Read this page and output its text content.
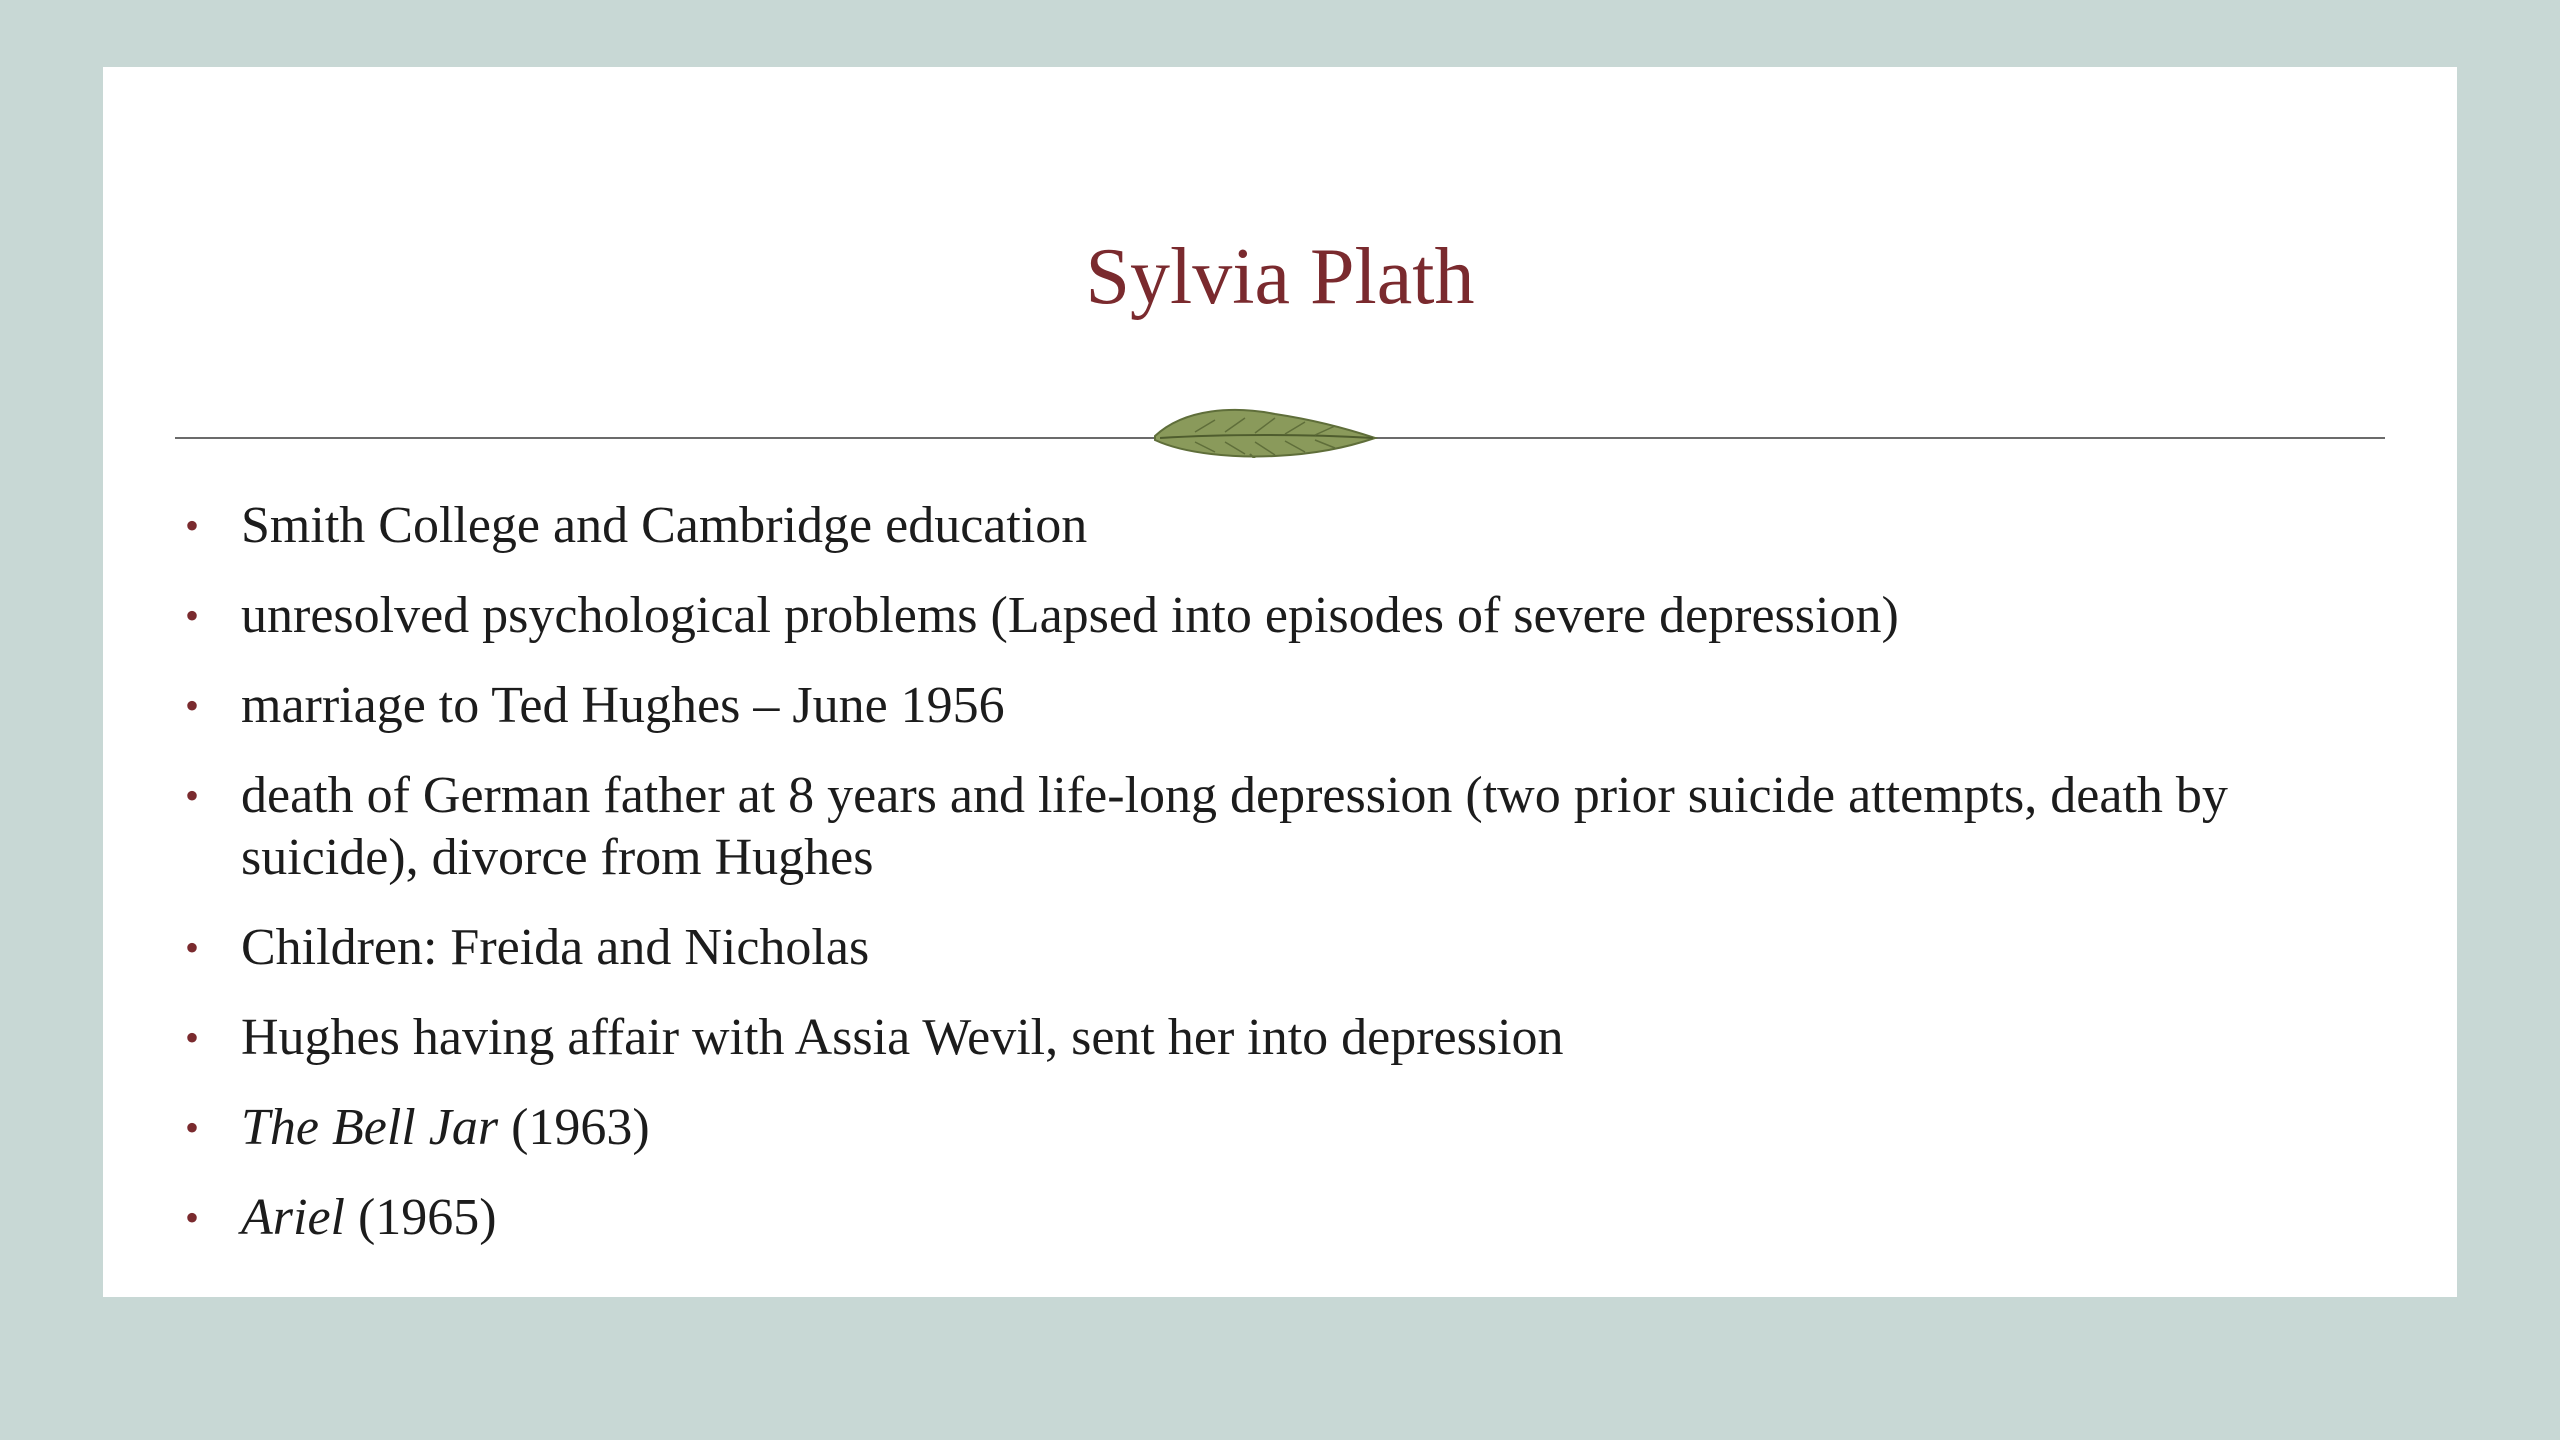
Sylvia Plath
• Smith College and Cambridge education
• unresolved psychological problems (Lapsed into episodes of severe depression)
• marriage to Ted Hughes – June 1956
• death of German father at 8 years and life-long depression (two prior suicide attempts, death by suicide), divorce from Hughes
• Children: Freida and Nicholas
• Hughes having affair with Assia Wevil, sent her into depression
• The Bell Jar (1963)
• Ariel (1965)
